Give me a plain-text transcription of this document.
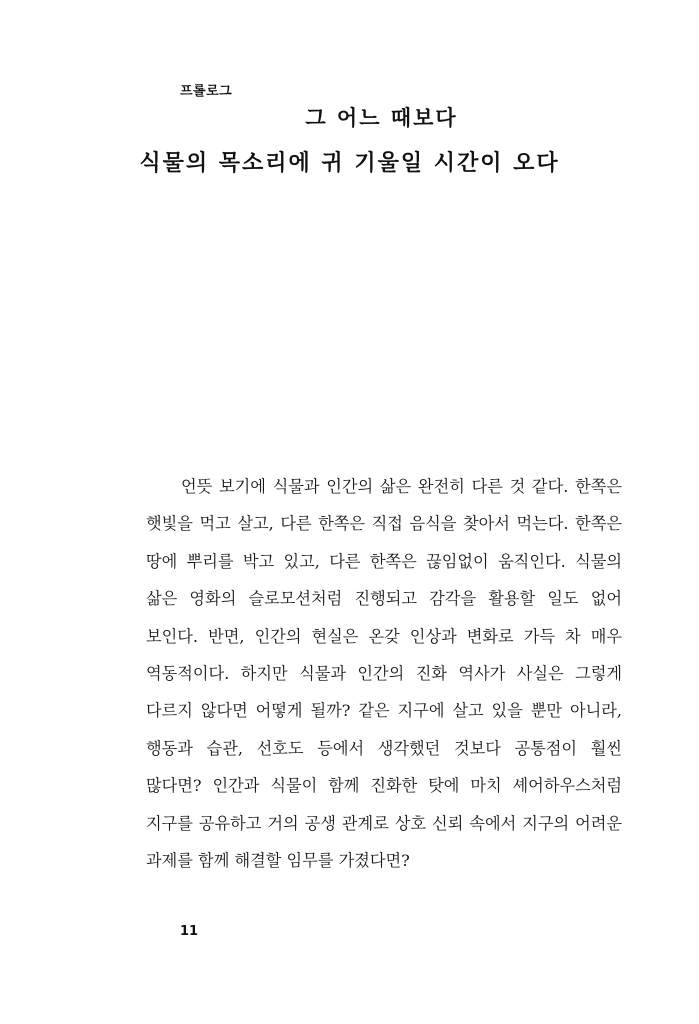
프롤로그
그 어느 때보다
식물의 목소리에 귀 기울일 시간이 오다

언뜻 보기에 식물과 인간의 삶은 완전히 다른 것 같다. 한쪽은 햇빛을 먹고 살고, 다른 한쪽은 직접 음식을 찾아서 먹는다. 한쪽은 땅에 뿌리를 박고 있고, 다른 한쪽은 끊임없이 움직인다. 식물의 삶은 영화의 슬로모션처럼 진행되고 감각을 활용할 일도 없어 보인다. 반면, 인간의 현실은 온갖 인상과 변화로 가득 차 매우 역동적이다. 하지만 식물과 인간의 진화 역사가 사실은 그렇게 다르지 않다면 어떻게 될까? 같은 지구에 살고 있을 뿐만 아니라, 행동과 습관, 선호도 등에서 생각했던 것보다 공통점이 훨씬 많다면? 인간과 식물이 함께 진화한 탓에 마치 셰어하우스처럼 지구를 공유하고 거의 공생 관계로 상호 신뢰 속에서 지구의 어려운 과제를 함께 해결할 임무를 가졌다면?

11
